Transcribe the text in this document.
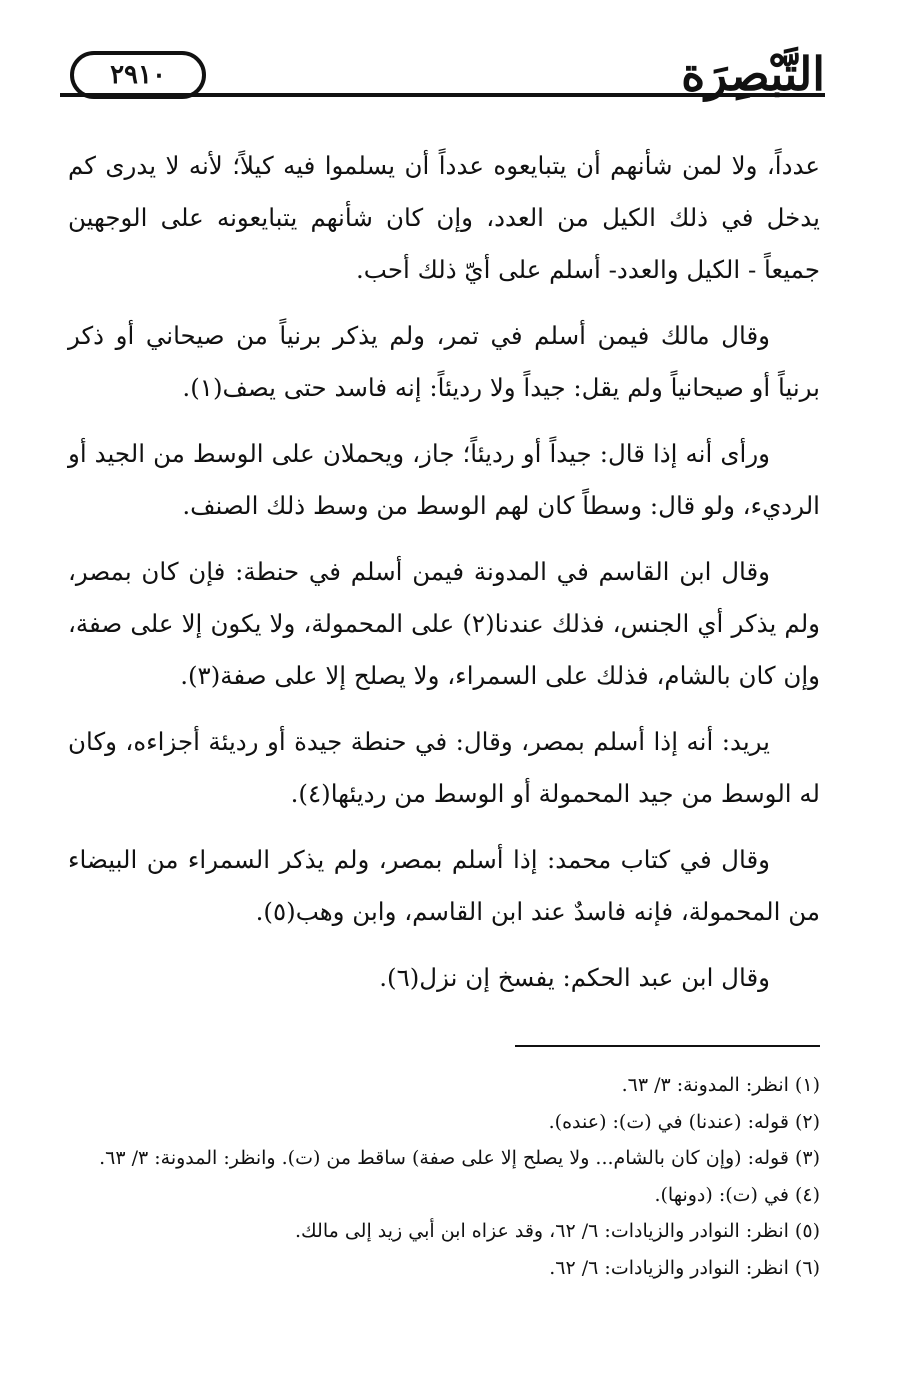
التَّبْصِرَة
٢٩١٠

عدداً، ولا لمن شأنهم أن يتبايعوه عدداً أن يسلموا فيه كيلاً؛ لأنه لا يدرى كم يدخل في ذلك الكيل من العدد، وإن كان شأنهم يتبايعونه على الوجهين جميعاً - الكيل والعدد- أسلم على أيّ ذلك أحب.

وقال مالك فيمن أسلم في تمر، ولم يذكر برنياً من صيحاني أو ذكر برنياً أو صيحانياً ولم يقل: جيداً ولا رديئاً: إنه فاسد حتى يصف(١).

ورأى أنه إذا قال: جيداً أو رديئاً؛ جاز، ويحملان على الوسط من الجيد أو الرديء، ولو قال: وسطاً كان لهم الوسط من وسط ذلك الصنف.

وقال ابن القاسم في المدونة فيمن أسلم في حنطة: فإن كان بمصر، ولم يذكر أي الجنس، فذلك عندنا(٢) على المحمولة، ولا يكون إلا على صفة، وإن كان بالشام، فذلك على السمراء، ولا يصلح إلا على صفة(٣).

يريد: أنه إذا أسلم بمصر، وقال: في حنطة جيدة أو رديئة أجزاءه، وكان له الوسط من جيد المحمولة أو الوسط من رديئها(٤).

وقال في كتاب محمد: إذا أسلم بمصر، ولم يذكر السمراء من البيضاء من المحمولة، فإنه فاسدٌ عند ابن القاسم، وابن وهب(٥).

وقال ابن عبد الحكم: يفسخ إن نزل(٦).

(١) انظر: المدونة: ٣/ ٦٣.
(٢) قوله: (عندنا) في (ت): (عنده).
(٣) قوله: (وإن كان بالشام... ولا يصلح إلا على صفة) ساقط من (ت). وانظر: المدونة: ٣/ ٦٣.
(٤) في (ت): (دونها).
(٥) انظر: النوادر والزيادات: ٦/ ٦٢، وقد عزاه ابن أبي زيد إلى مالك.
(٦) انظر: النوادر والزيادات: ٦/ ٦٢.
